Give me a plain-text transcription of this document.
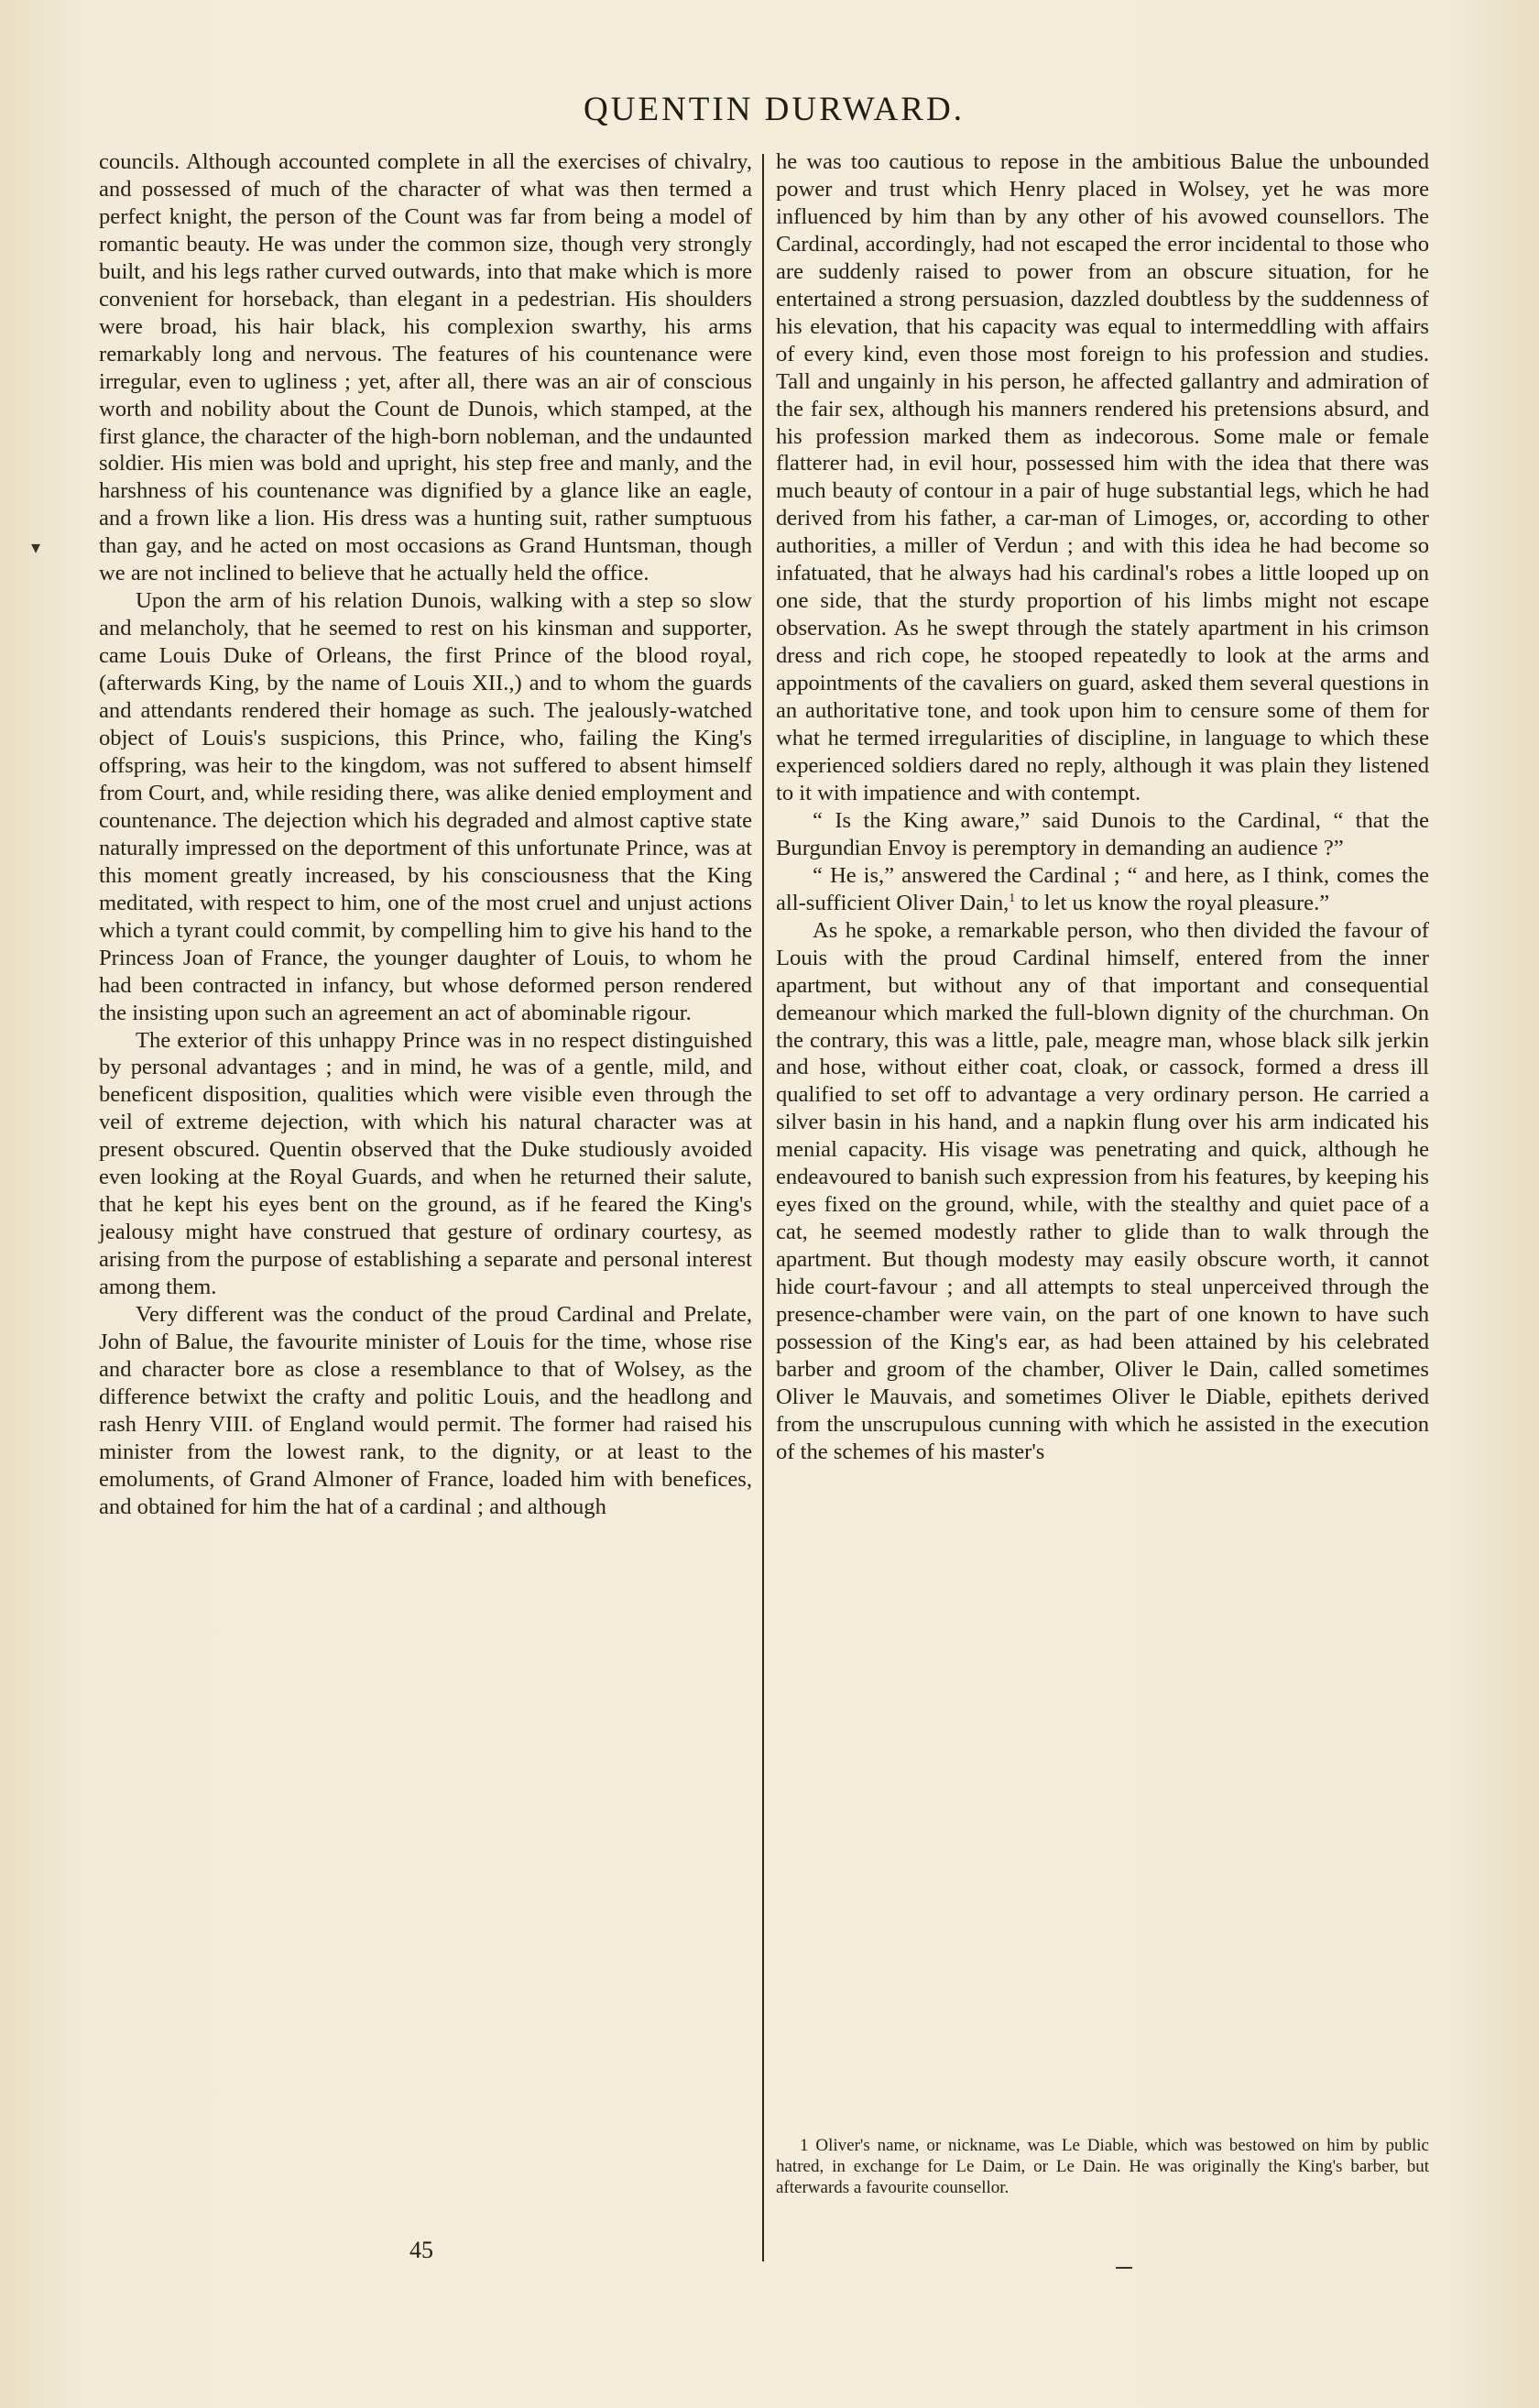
QUENTIN DURWARD.
▾

councils. Although accounted complete in all the exercises of chivalry, and possessed of much of the character of what was then termed a perfect knight, the person of the Count was far from being a model of romantic beauty. He was under the common size, though very strongly built, and his legs rather curved outwards, into that make which is more convenient for horseback, than elegant in a pedestrian. His shoulders were broad, his hair black, his complexion swarthy, his arms remarkably long and nervous. The features of his countenance were irregular, even to ugliness ; yet, after all, there was an air of conscious worth and nobility about the Count de Dunois, which stamped, at the first glance, the character of the high-born nobleman, and the undaunted soldier. His mien was bold and upright, his step free and manly, and the harshness of his countenance was dignified by a glance like an eagle, and a frown like a lion. His dress was a hunting suit, rather sumptuous than gay, and he acted on most occasions as Grand Huntsman, though we are not inclined to believe that he actually held the office.

Upon the arm of his relation Dunois, walking with a step so slow and melancholy, that he seemed to rest on his kinsman and supporter, came Louis Duke of Orleans, the first Prince of the blood royal, (afterwards King, by the name of Louis XII.,) and to whom the guards and attendants rendered their homage as such. The jealously-watched object of Louis's suspicions, this Prince, who, failing the King's offspring, was heir to the kingdom, was not suffered to absent himself from Court, and, while residing there, was alike denied employment and countenance. The dejection which his degraded and almost captive state naturally impressed on the deportment of this unfortunate Prince, was at this moment greatly increased, by his consciousness that the King meditated, with respect to him, one of the most cruel and unjust actions which a tyrant could commit, by compelling him to give his hand to the Princess Joan of France, the younger daughter of Louis, to whom he had been contracted in infancy, but whose deformed person rendered the insisting upon such an agreement an act of abominable rigour.

The exterior of this unhappy Prince was in no respect distinguished by personal advantages ; and in mind, he was of a gentle, mild, and beneficent disposition, qualities which were visible even through the veil of extreme dejection, with which his natural character was at present obscured. Quentin observed that the Duke studiously avoided even looking at the Royal Guards, and when he returned their salute, that he kept his eyes bent on the ground, as if he feared the King's jealousy might have construed that gesture of ordinary courtesy, as arising from the purpose of establishing a separate and personal interest among them.

Very different was the conduct of the proud Cardinal and Prelate, John of Balue, the favourite minister of Louis for the time, whose rise and character bore as close a resemblance to that of Wolsey, as the difference betwixt the crafty and politic Louis, and the headlong and rash Henry VIII. of England would permit. The former had raised his minister from the lowest rank, to the dignity, or at least to the emoluments, of Grand Almoner of France, loaded him with benefices, and obtained for him the hat of a cardinal ; and although

he was too cautious to repose in the ambitious Balue the unbounded power and trust which Henry placed in Wolsey, yet he was more influenced by him than by any other of his avowed counsellors. The Cardinal, accordingly, had not escaped the error incidental to those who are suddenly raised to power from an obscure situation, for he entertained a strong persuasion, dazzled doubtless by the suddenness of his elevation, that his capacity was equal to intermeddling with affairs of every kind, even those most foreign to his profession and studies. Tall and ungainly in his person, he affected gallantry and admiration of the fair sex, although his manners rendered his pretensions absurd, and his profession marked them as indecorous. Some male or female flatterer had, in evil hour, possessed him with the idea that there was much beauty of contour in a pair of huge substantial legs, which he had derived from his father, a car-man of Limoges, or, according to other authorities, a miller of Verdun ; and with this idea he had become so infatuated, that he always had his cardinal's robes a little looped up on one side, that the sturdy proportion of his limbs might not escape observation. As he swept through the stately apartment in his crimson dress and rich cope, he stooped repeatedly to look at the arms and appointments of the cavaliers on guard, asked them several questions in an authoritative tone, and took upon him to censure some of them for what he termed irregularities of discipline, in language to which these experienced soldiers dared no reply, although it was plain they listened to it with impatience and with contempt.

“ Is the King aware,” said Dunois to the Cardinal, “ that the Burgundian Envoy is peremptory in demanding an audience ?”

“ He is,” answered the Cardinal ; “ and here, as I think, comes the all-sufficient Oliver Dain,$^1$ to let us know the royal pleasure.”

As he spoke, a remarkable person, who then divided the favour of Louis with the proud Cardinal himself, entered from the inner apartment, but without any of that important and consequential demeanour which marked the full-blown dignity of the churchman. On the contrary, this was a little, pale, meagre man, whose black silk jerkin and hose, without either coat, cloak, or cassock, formed a dress ill qualified to set off to advantage a very ordinary person. He carried a silver basin in his hand, and a napkin flung over his arm indicated his menial capacity. His visage was penetrating and quick, although he endeavoured to banish such expression from his features, by keeping his eyes fixed on the ground, while, with the stealthy and quiet pace of a cat, he seemed modestly rather to glide than to walk through the apartment. But though modesty may easily obscure worth, it cannot hide court-favour ; and all attempts to steal unperceived through the presence-chamber were vain, on the part of one known to have such possession of the King's ear, as had been attained by his celebrated barber and groom of the chamber, Oliver le Dain, called sometimes Oliver le Mauvais, and sometimes Oliver le Diable, epithets derived from the unscrupulous cunning with which he assisted in the execution of the schemes of his master's

1 Oliver's name, or nickname, was Le Diable, which was bestowed on him by public hatred, in exchange for Le Daim, or Le Dain. He was originally the King's barber, but afterwards a favourite counsellor.

45
